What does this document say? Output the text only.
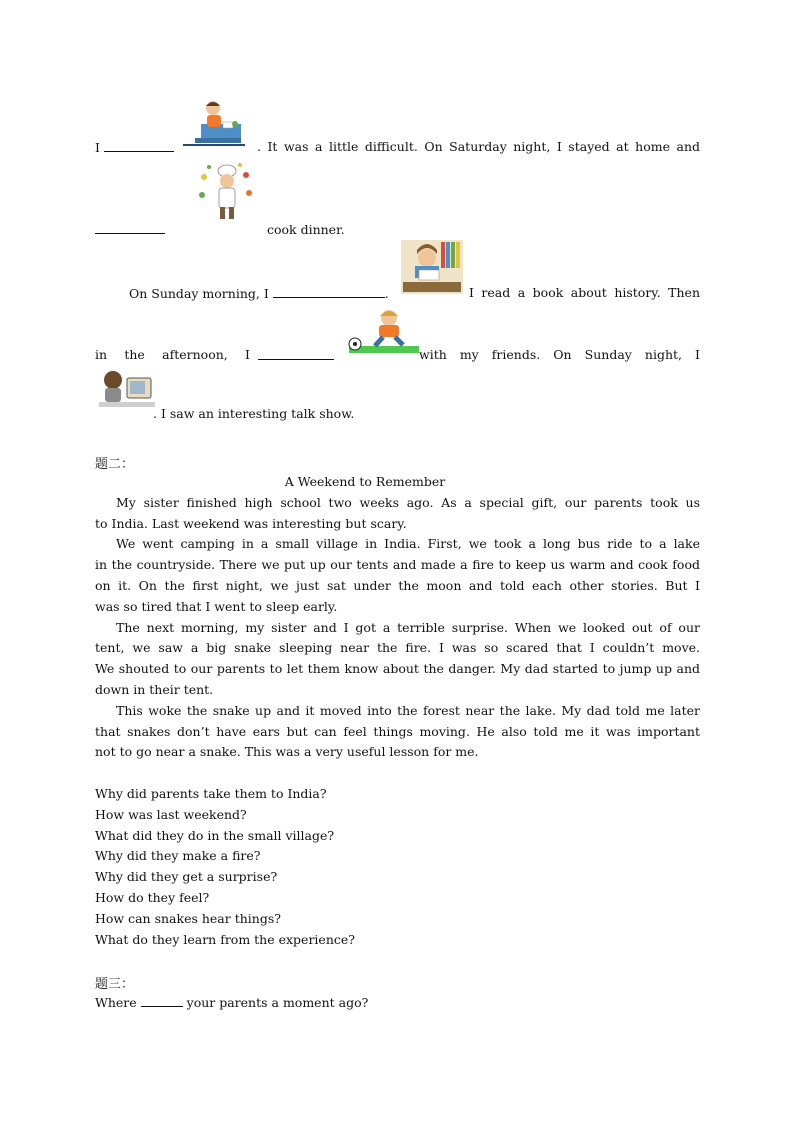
I	. It was a little difficult. On Saturday night, I stayed at home and
cook dinner.
On Sunday morning, I	.	I read a book about history. Then
in the afternoon, I	with my friends. On Sunday night, I
. I saw an interesting talk show.
题二：
A Weekend to Remember
My sister finished high school two weeks ago. As a special gift, our parents took us
to India. Last weekend was interesting but scary.
We went camping in a small village in India. First, we took a long bus ride to a lake
in the countryside. There we put up our tents and made a fire to keep us warm and cook food
on it. On the first night, we just sat under the moon and told each other stories. But I
was so tired that I went to sleep early.
The next morning, my sister and I got a terrible surprise. When we looked out of our
tent, we saw a big snake sleeping near the fire. I was so scared that I couldn’t move.
We shouted to our parents to let them know about the danger. My dad started to jump up and
down in their tent.
This woke the snake up and it moved into the forest near the lake. My dad told me later
that snakes don’t have ears but can feel things moving. He also told me it was important
not to go near a snake. This was a very useful lesson for me.
Why did parents take them to India?
How was last weekend?
What did they do in the small village?
Why did they make a fire?
Why did they get a surprise?
How do they feel?
How can snakes hear things?
What do they learn from the experience?
题三：
Where	your parents a moment ago?
